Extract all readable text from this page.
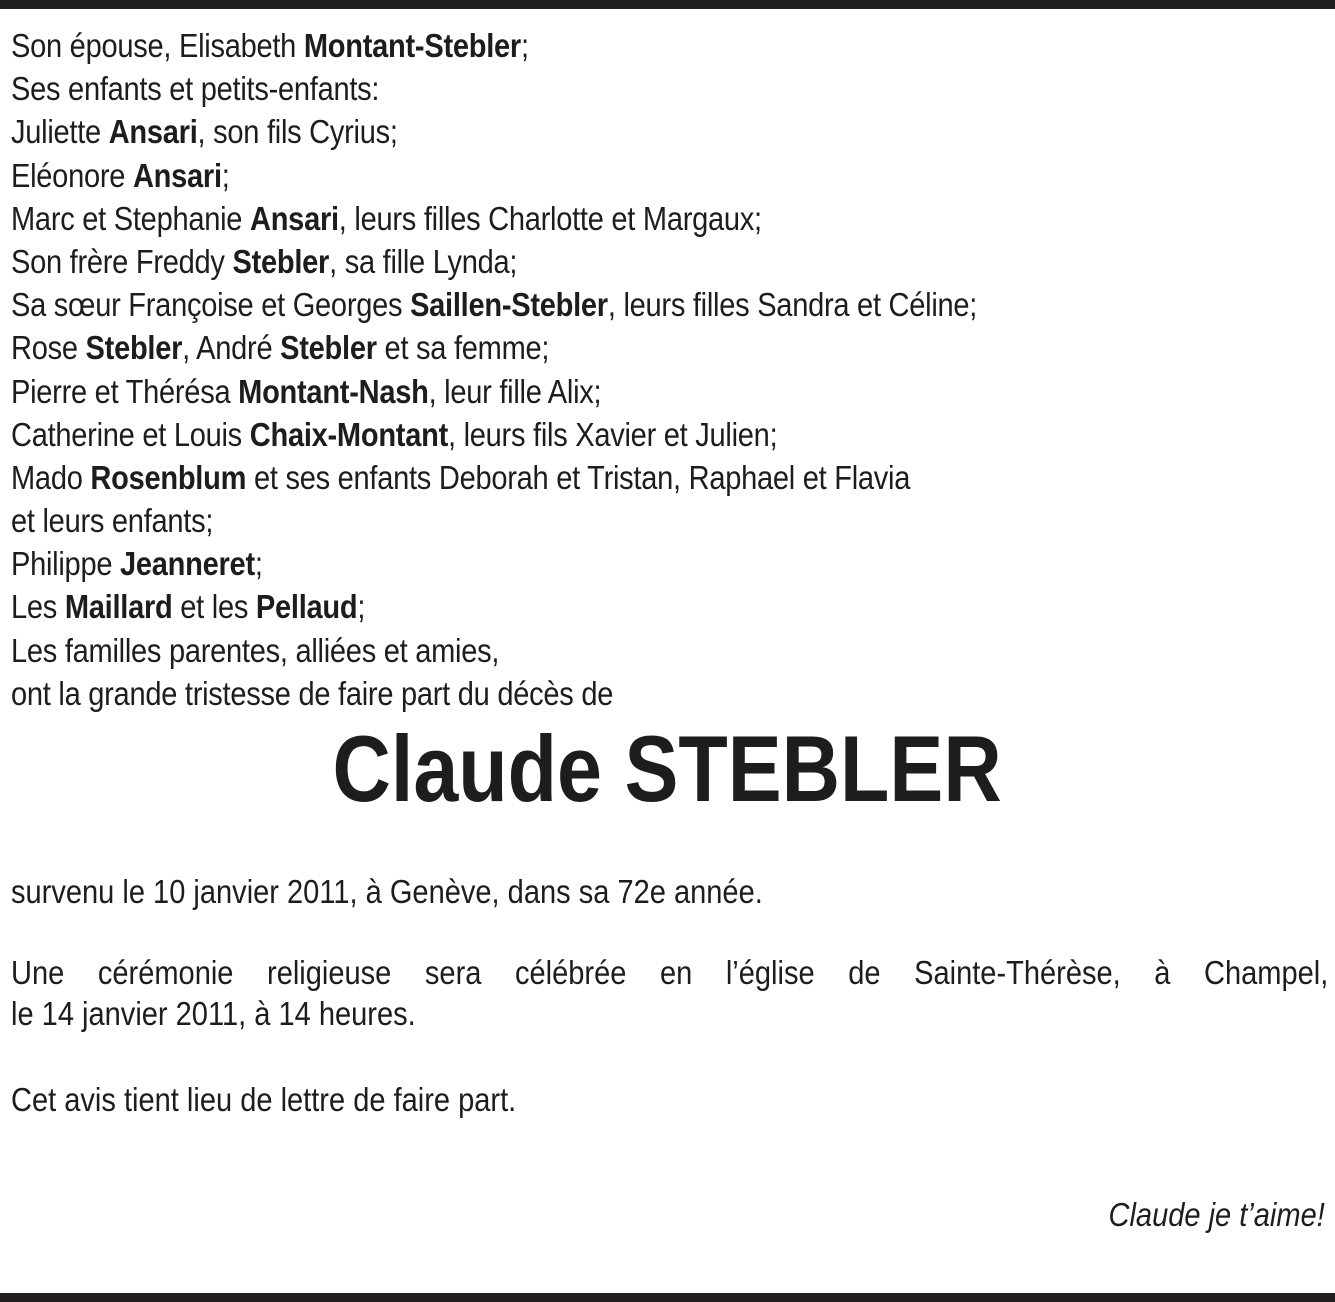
Son épouse, Elisabeth Montant-Stebler;
Ses enfants et petits-enfants:
Juliette Ansari, son fils Cyrius;
Eléonore Ansari;
Marc et Stephanie Ansari, leurs filles Charlotte et Margaux;
Son frère Freddy Stebler, sa fille Lynda;
Sa sœur Françoise et Georges Saillen-Stebler, leurs filles Sandra et Céline;
Rose Stebler, André Stebler et sa femme;
Pierre et Thérésa Montant-Nash, leur fille Alix;
Catherine et Louis Chaix-Montant, leurs fils Xavier et Julien;
Mado Rosenblum et ses enfants Deborah et Tristan, Raphael et Flavia
et leurs enfants;
Philippe Jeanneret;
Les Maillard et les Pellaud;
Les familles parentes, alliées et amies,
ont la grande tristesse de faire part du décès de
Claude STEBLER
survenu le 10 janvier 2011, à Genève, dans sa 72e année.
Une cérémonie religieuse sera célébrée en l’église de Sainte-Thérèse, à Champel,
le 14 janvier 2011, à 14 heures.
Cet avis tient lieu de lettre de faire part.
Claude je t’aime!
